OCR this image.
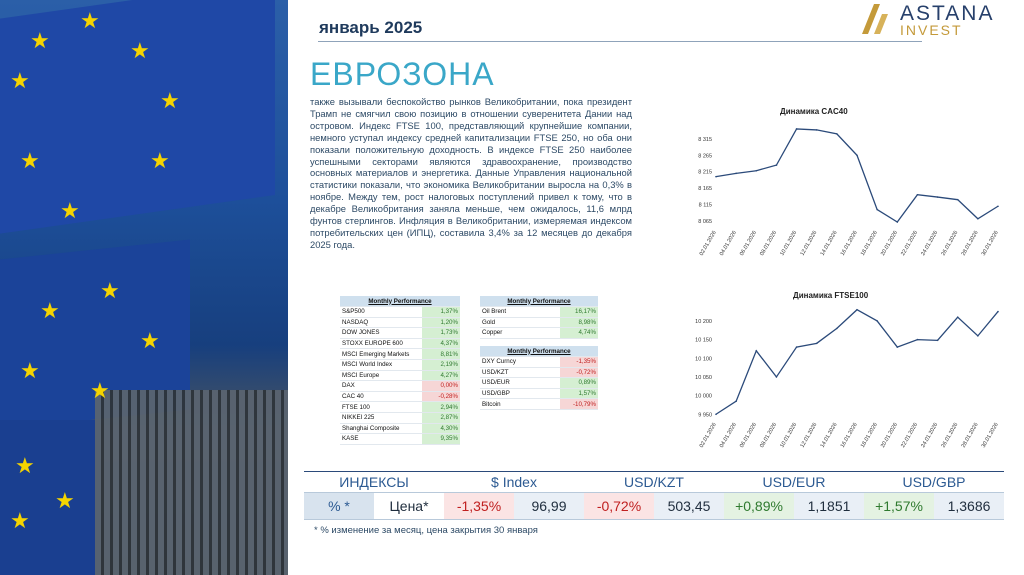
★
★
★
★
★
★
★
★
★
★
★
★
★
★
★
★
январь 2025
ASTANA
INVEST
ЕВРОЗОНА
также вызывали беспокойство рынков Великобритании, пока президент Трамп не смягчил свою позицию в отношении суверенитета Дании над островом. Индекс FTSE 100, представляющий крупнейшие компании, немного уступал индексу средней капитализации FTSE 250, но оба они показали положительную доходность. В индексе FTSE 250 наиболее успешными секторами являются здравоохранение, производство основных материалов и энергетика. Данные Управления национальной статистики показали, что экономика Великобритании выросла на 0,3% в ноябре. Между тем, рост налоговых поступлений привел к тому, что в декабре Великобритания заняла меньше, чем ожидалось, 11,6 млрд фунтов стерлингов. Инфляция в Великобритании, измеряемая индексом потребительских цен (ИПЦ), составила 3,4% за 12 месяцев до декабря 2025 года.
Динамика CAC40
8 065
8 115
8 165
8 215
8 265
8 315
02.01.2026 04.01.2026 06.01.2026 08.01.2026 10.01.2026 12.01.2026 14.01.2026 16.01.2026 18.01.2026 20.01.2026 22.01.2026 24.01.2026 26.01.2026 28.01.2026 30.01.2026
Динамика FTSE100
9 950
10 000
10 050
10 100
10 150
10 200
02.01.2026 04.01.2026 06.01.2026 08.01.2026 10.01.2026 12.01.2026 14.01.2026 16.01.2026 18.01.2026 20.01.2026 22.01.2026 24.01.2026 26.01.2026 28.01.2026 30.01.2026
Monthly Performance	
S&P500	1,37%
NASDAQ	1,20%
DOW JONES	1,73%
STOXX EUROPE 600	4,37%
MSCI Emerging Markets	8,81%
MSCI World Index	2,19%
MSCI Europe	4,27%
DAX	0,00%
CAC 40	-0,28%
FTSE 100	2,94%
NIKKEI 225	2,87%
Shanghai Composite	4,30%
KASE	9,35%
Monthly Performance	
Oil Brent	16,17%
Gold	8,98%
Copper	4,74%
Monthly Performance	
DXY Curncy	-1,35%
USD/KZT	-0,72%
USD/EUR	0,89%
USD/GBP	1,57%
Bitcoin	-10,79%
ИНДЕКСЫ	$ Index	USD/KZT	USD/EUR	USD/GBP
% *	Цена*	-1,35%	96,99	-0,72%	503,45	+0,89%	1,1851	+1,57%	1,3686
* % изменение за месяц, цена закрытия 30 января
